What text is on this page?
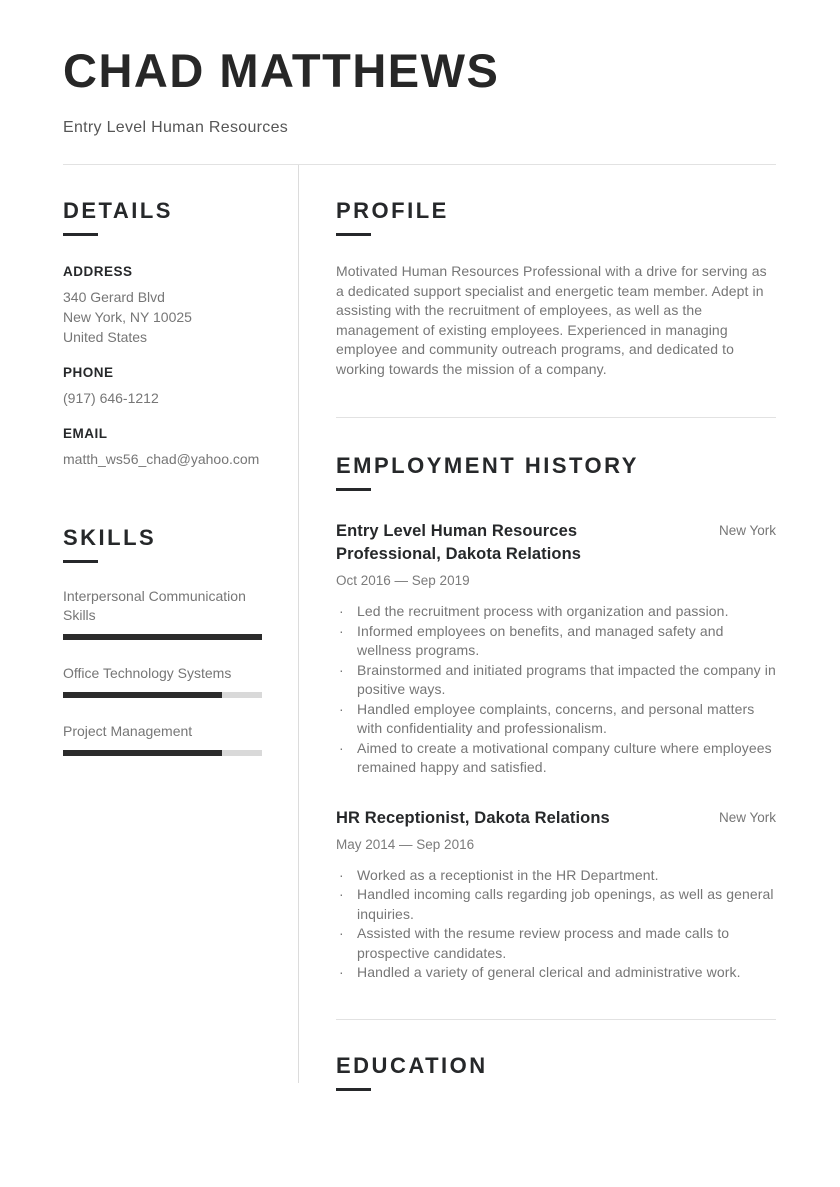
CHAD MATTHEWS
Entry Level Human Resources
DETAILS
ADDRESS
340 Gerard Blvd
New York, NY 10025
United States
PHONE
(917) 646-1212
EMAIL
matth_ws56_chad@yahoo.com
SKILLS
Interpersonal Communication Skills
Office Technology Systems
Project Management
PROFILE
Motivated Human Resources Professional with a drive for serving as a dedicated support specialist and energetic team member. Adept in assisting with the recruitment of employees, as well as the management of existing employees. Experienced in managing employee and community outreach programs, and dedicated to working towards the mission of a company.
EMPLOYMENT HISTORY
Entry Level Human Resources Professional, Dakota Relations
New York
Oct 2016 — Sep 2019
· Led the recruitment process with organization and passion.
· Informed employees on benefits, and managed safety and wellness programs.
· Brainstormed and initiated programs that impacted the company in positive ways.
· Handled employee complaints, concerns, and personal matters with confidentiality and professionalism.
· Aimed to create a motivational company culture where employees remained happy and satisfied.
HR Receptionist, Dakota Relations	New York
May 2014 — Sep 2016
· Worked as a receptionist in the HR Department.
· Handled incoming calls regarding job openings, as well as general inquiries.
· Assisted with the resume review process and made calls to prospective candidates.
· Handled a variety of general clerical and administrative work.
EDUCATION
